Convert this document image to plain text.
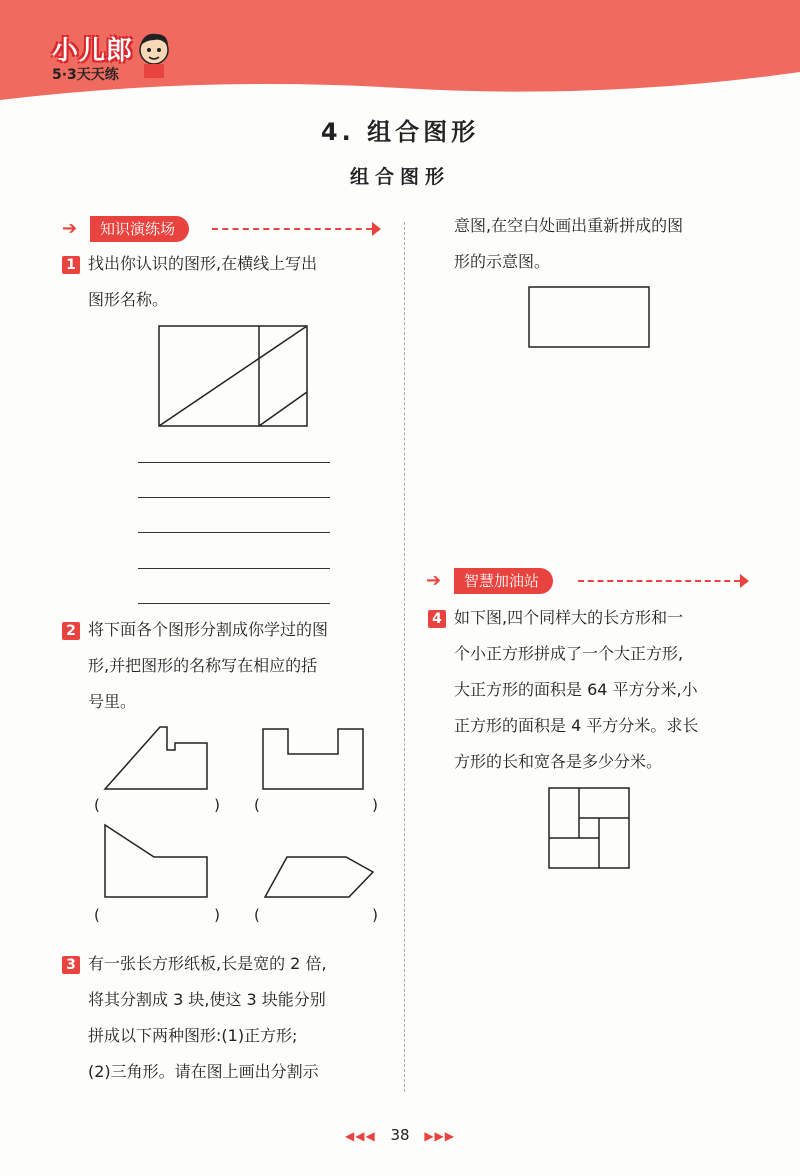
小儿郎
5·3天天练
4. 组合图形
组合图形
➔	知识演练场
1 找出你认识的图形,在横线上写出
图形名称。
2 将下面各个图形分割成你学过的图
形,并把图形的名称写在相应的括
号里。
(	) (	)
(	) (	)
3 有一张长方形纸板,长是宽的 2 倍,
将其分割成 3 块,使这 3 块能分别
拼成以下两种图形:(1)正方形;
(2)三角形。请在图上画出分割示
意图,在空白处画出重新拼成的图
形的示意图。
➔	智慧加油站
4 如下图,四个同样大的长方形和一
个小正方形拼成了一个大正方形,
大正方形的面积是 64 平方分米,小
正方形的面积是 4 平方分米。求长
方形的长和宽各是多少分米。
◀◀◀ 38 ▶▶▶
